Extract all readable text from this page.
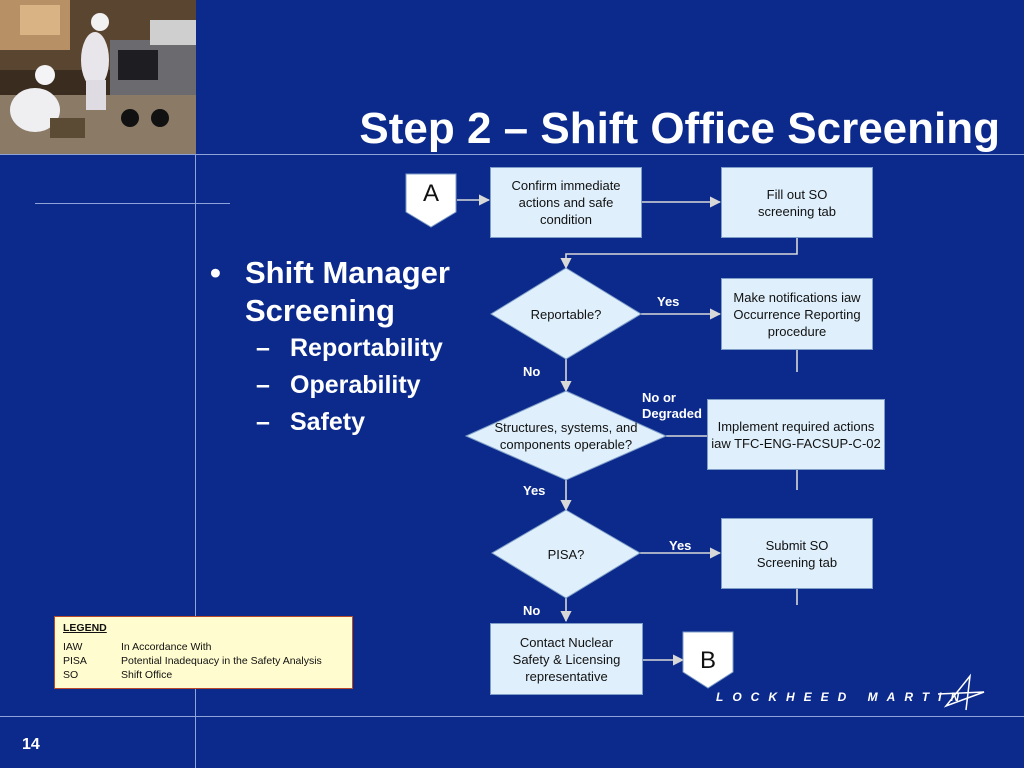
Step 2 – Shift Office Screening
• Shift Manager Screening
– Reportability
– Operability
– Safety
A
B
Confirm immediate actions and safe condition
Fill out SO screening tab
Make notifications iaw Occurrence Reporting procedure
Implement required actions iaw TFC-ENG-FACSUP-C-02
Submit SO Screening tab
Contact Nuclear Safety & Licensing representative
Reportable?
Structures, systems, and components operable?
PISA?
Yes
No
No or Degraded
Yes
Yes
No
LEGEND
IAW	In Accordance With
PISA	Potential Inadequacy in the Safety Analysis
SO	Shift Office
LOCKHEED MARTIN
14
